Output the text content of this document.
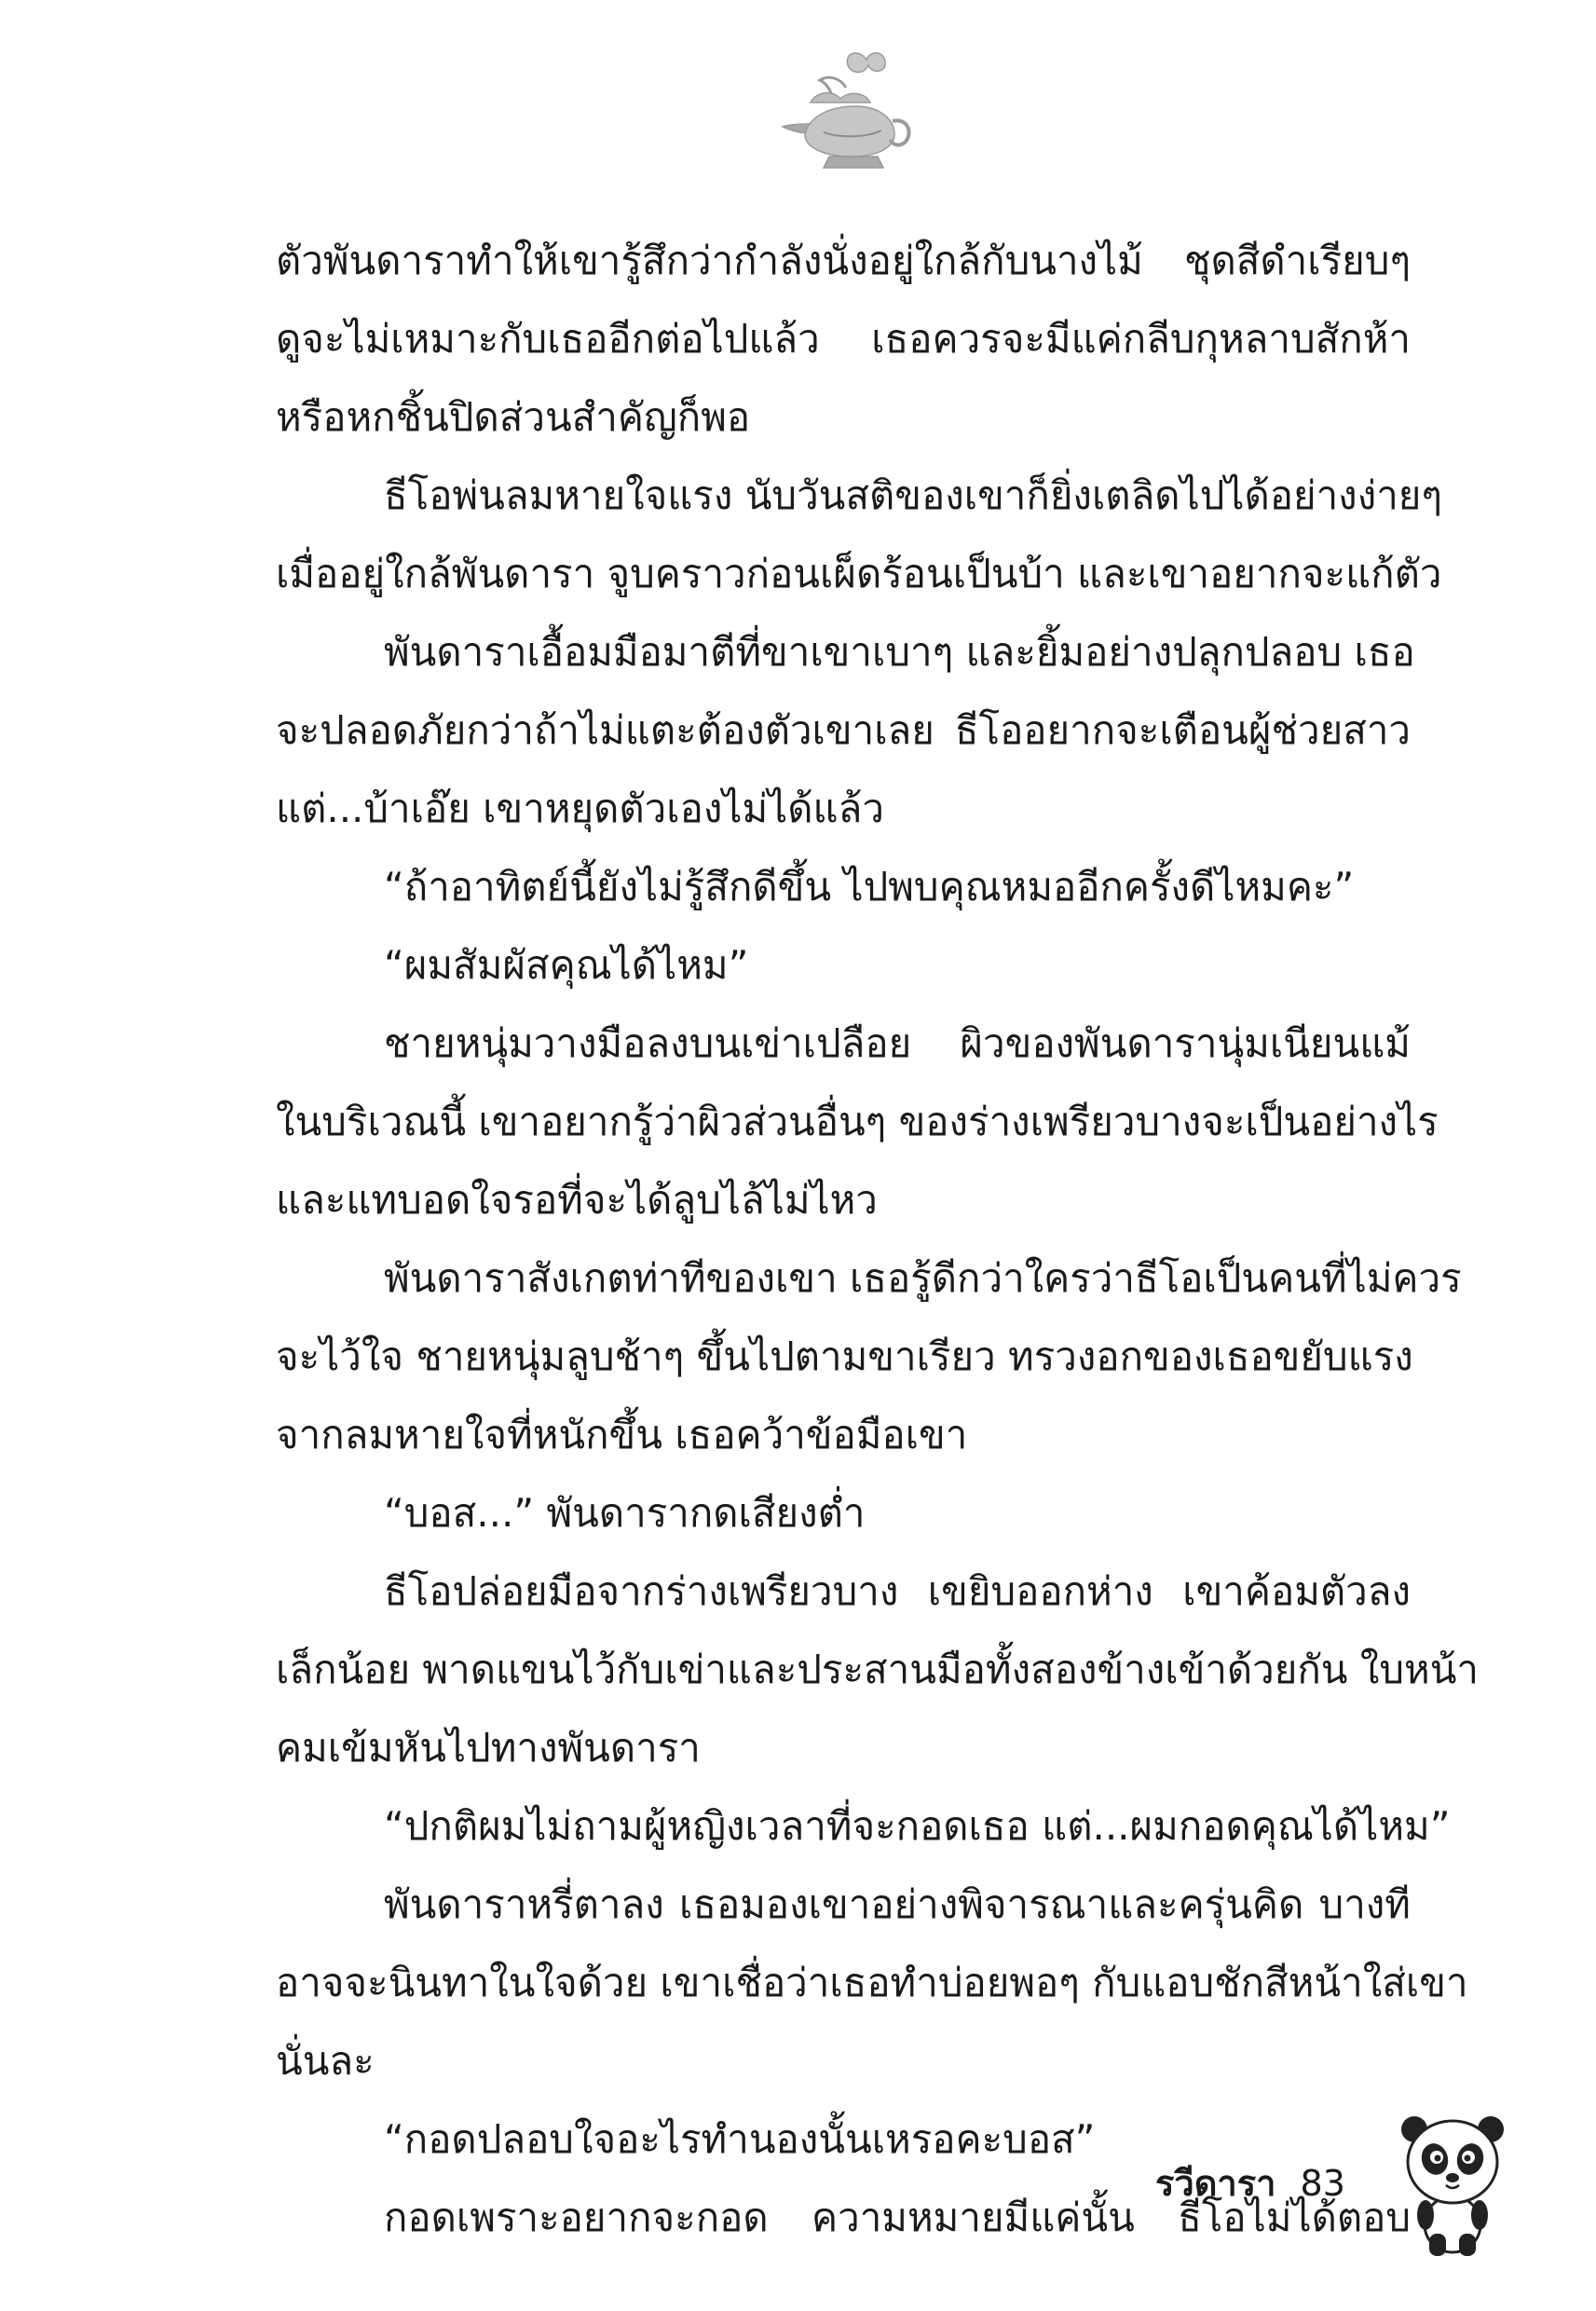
ตัวพันดาราทำให้เขารู้สึกว่ากำลังนั่งอยู่ใกล้กับนางไม้ ชุดสีดำเรียบๆ
ดูจะไม่เหมาะกับเธออีกต่อไปแล้ว เธอควรจะมีแค่กลีบกุหลาบสักห้า
หรือหกชิ้นปิดส่วนสำคัญก็พอ
ธีโอพ่นลมหายใจแรง นับวันสติของเขาก็ยิ่งเตลิดไปได้อย่างง่ายๆ
เมื่ออยู่ใกล้พันดารา จูบคราวก่อนเผ็ดร้อนเป็นบ้า และเขาอยากจะแก้ตัว
พันดาราเอื้อมมือมาตีที่ขาเขาเบาๆ และยิ้มอย่างปลุกปลอบ เธอ
จะปลอดภัยกว่าถ้าไม่แตะต้องตัวเขาเลย ธีโออยากจะเตือนผู้ช่วยสาว
แต่...บ้าเอ๊ย เขาหยุดตัวเองไม่ได้แล้ว
“ถ้าอาทิตย์นี้ยังไม่รู้สึกดีขึ้น ไปพบคุณหมออีกครั้งดีไหมคะ”
“ผมสัมผัสคุณได้ไหม”
ชายหนุ่มวางมือลงบนเข่าเปลือย ผิวของพันดารานุ่มเนียนแม้
ในบริเวณนี้ เขาอยากรู้ว่าผิวส่วนอื่นๆ ของร่างเพรียวบางจะเป็นอย่างไร
และแทบอดใจรอที่จะได้ลูบไล้ไม่ไหว
พันดาราสังเกตท่าทีของเขา เธอรู้ดีกว่าใครว่าธีโอเป็นคนที่ไม่ควร
จะไว้ใจ ชายหนุ่มลูบช้าๆ ขึ้นไปตามขาเรียว ทรวงอกของเธอขยับแรง
จากลมหายใจที่หนักขึ้น เธอคว้าข้อมือเขา
“บอส...” พันดารากดเสียงต่ำ
ธีโอปล่อยมือจากร่างเพรียวบาง เขยิบออกห่าง เขาค้อมตัวลง
เล็กน้อย พาดแขนไว้กับเข่าและประสานมือทั้งสองข้างเข้าด้วยกัน ใบหน้า
คมเข้มหันไปทางพันดารา
“ปกติผมไม่ถามผู้หญิงเวลาที่จะกอดเธอ แต่...ผมกอดคุณได้ไหม”
พันดาราหรี่ตาลง เธอมองเขาอย่างพิจารณาและครุ่นคิด บางที
อาจจะนินทาในใจด้วย เขาเชื่อว่าเธอทำบ่อยพอๆ กับแอบชักสีหน้าใส่เขา
นั่นละ
“กอดปลอบใจอะไรทำนองนั้นเหรอคะบอส”
กอดเพราะอยากจะกอด ความหมายมีแค่นั้น ธีโอไม่ได้ตอบ
รวีดารา 83
